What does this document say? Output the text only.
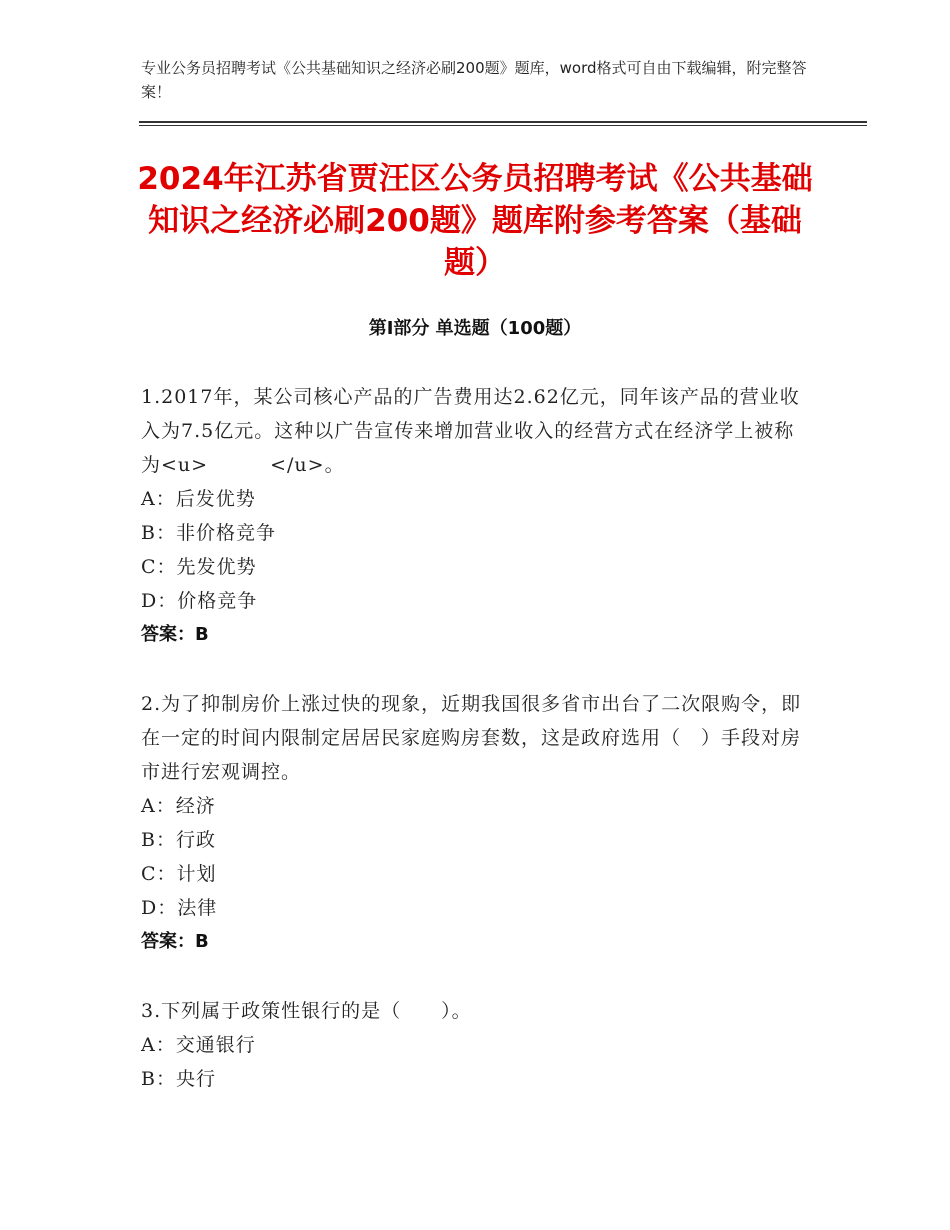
专业公务员招聘考试《公共基础知识之经济必刷200题》题库，word格式可自由下载编辑，附完整答案！
2024年江苏省贾汪区公务员招聘考试《公共基础知识之经济必刷200题》题库附参考答案（基础题）
第I部分 单选题（100题）

1.2017年，某公司核心产品的广告费用达2.62亿元，同年该产品的营业收入为7.5亿元。这种以广告宣传来增加营业收入的经营方式在经济学上被称为<u>	</u>。

A：后发优势

B：非价格竞争

C：先发优势

D：价格竞争

答案：B

2.为了抑制房价上涨过快的现象，近期我国很多省市出台了二次限购令，即在一定的时间内限制定居居民家庭购房套数，这是政府选用（　）手段对房市进行宏观调控。

A：经济

B：行政

C：计划

D：法律

答案：B

3.下列属于政策性银行的是（　　）。

A：交通银行

B：央行
